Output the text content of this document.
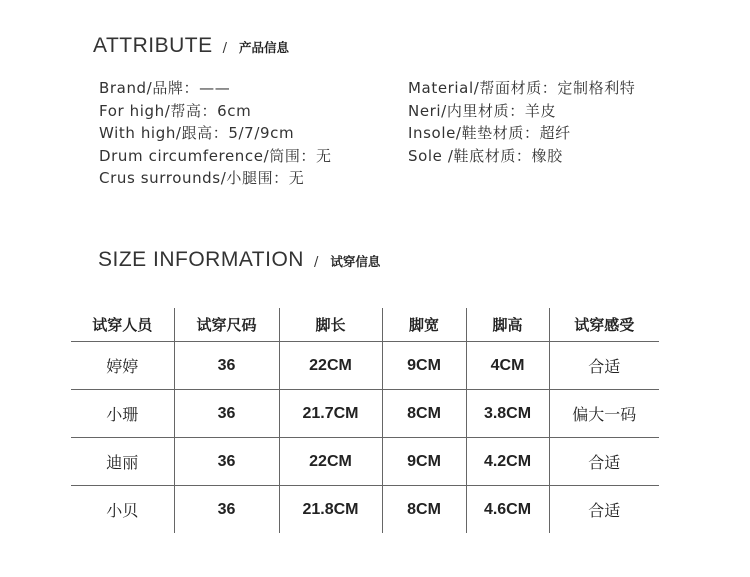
ATTRIBUTE / 产品信息
Brand/品牌：——
For high/帮高：6cm
With high/跟高：5/7/9cm
Drum circumference/筒围：无
Crus surrounds/小腿围：无
Material/帮面材质：定制格利特
Neri/内里材质：羊皮
Insole/鞋垫材质：超纤
Sole /鞋底材质：橡胶
SIZE INFORMATION / 试穿信息
试穿人员	试穿尺码	脚长	脚宽	脚高	试穿感受
婷婷	36	22CM	9CM	4CM	合适
小珊	36	21.7CM	8CM	3.8CM	偏大一码
迪丽	36	22CM	9CM	4.2CM	合适
小贝	36	21.8CM	8CM	4.6CM	合适
